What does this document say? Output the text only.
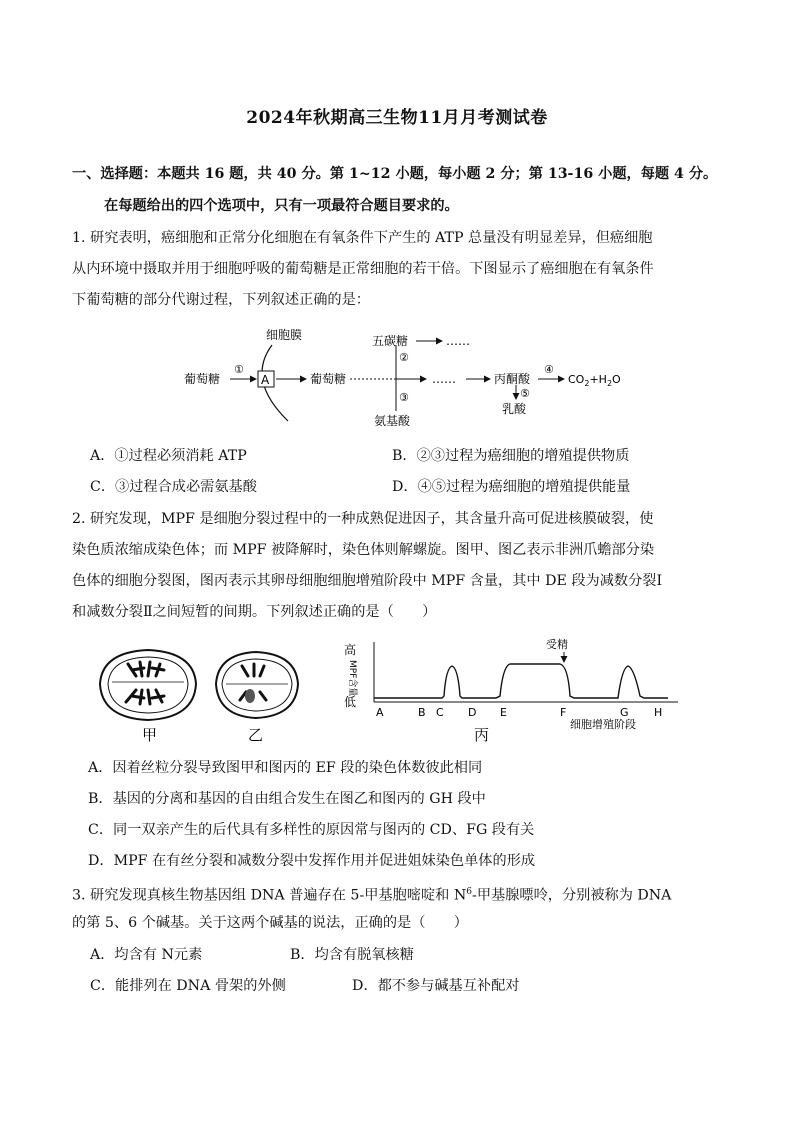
2024年秋期高三生物11月月考测试卷
一、选择题：本题共 16 题，共 40 分。第 1~12 小题，每小题 2 分；第 13-16 小题，每题 4 分。
在每题给出的四个选项中，只有一项最符合题目要求的。
1. 研究表明，癌细胞和正常分化细胞在有氧条件下产生的 ATP 总量没有明显差异，但癌细胞
从内环境中摄取并用于细胞呼吸的葡萄糖是正常细胞的若干倍。下图显示了癌细胞在有氧条件
下葡萄糖的部分代谢过程，下列叙述正确的是：
细胞膜
葡萄糖
①
A	葡萄糖
五碳糖	……
②
③
氨基酸
……	丙酮酸
④
$CO_2+H_2O$
⑤
乳酸
A．①过程必须消耗 ATP	B．②③过程为癌细胞的增殖提供物质
C．③过程合成必需氨基酸	D．④⑤过程为癌细胞的增殖提供能量
2. 研究发现，MPF 是细胞分裂过程中的一种成熟促进因子，其含量升高可促进核膜破裂，使
染色质浓缩成染色体；而 MPF 被降解时，染色体则解螺旋。图甲、图乙表示非洲爪蟾部分染
色体的细胞分裂图，图丙表示其卵母细胞细胞增殖阶段中 MPF 含量，其中 DE 段为减数分裂Ⅰ
和减数分裂Ⅱ之间短暂的间期。下列叙述正确的是（　　）
甲	乙
高
低
MPF含量
受精
A	B C D E	F	G H
丙
细胞增殖阶段
A．因着丝粒分裂导致图甲和图丙的 EF 段的染色体数彼此相同
B．基因的分离和基因的自由组合发生在图乙和图丙的 GH 段中
C．同一双亲产生的后代具有多样性的原因常与图丙的 CD、FG 段有关
D．MPF 在有丝分裂和减数分裂中发挥作用并促进姐妹染色单体的形成
3. 研究发现真核生物基因组 DNA 普遍存在 5-甲基胞嘧啶和 $N^6-$甲基腺嘌呤，分别被称为 DNA
的第 5、6 个碱基。关于这两个碱基的说法，正确的是（　　）
A．均含有 N元素	B．均含有脱氧核糖
C．能排列在 DNA 骨架的外侧	D．都不参与碱基互补配对
